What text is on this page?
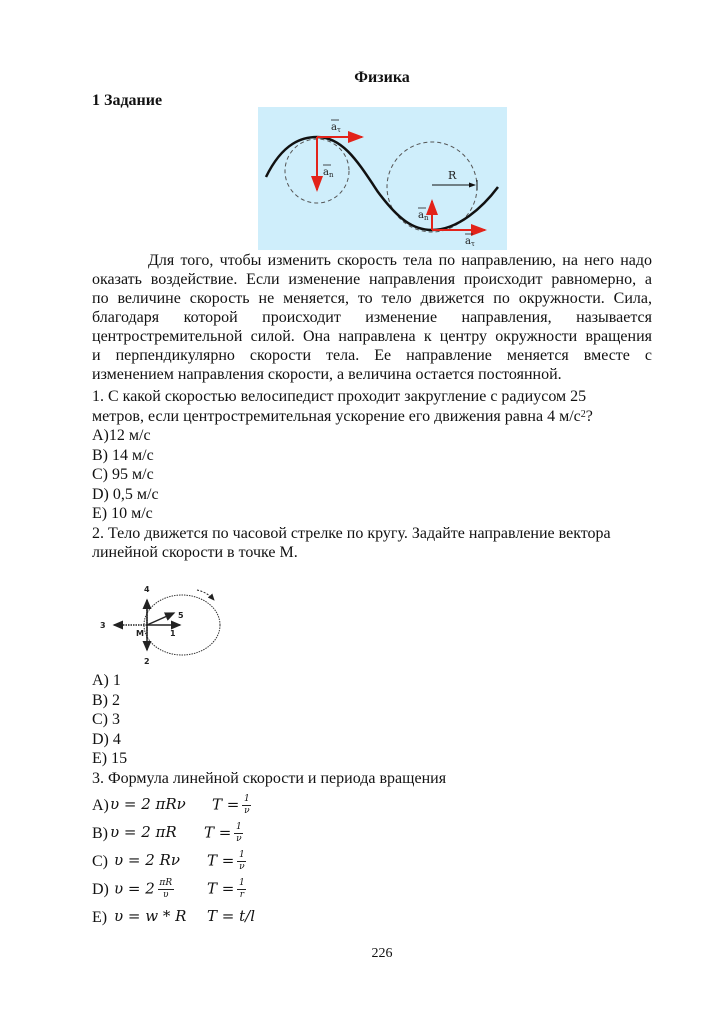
Физика
1 Задание
$a_\tau$
$a_n$	R
$a_n$
$a_\tau$
Для того, чтобы изменить скорость тела по направлению, на него надо
оказать воздействие. Если изменение направления происходит равномерно, а
по величине скорость не меняется, то тело движется по окружности. Сила,
благодаря которой происходит изменение направления, называется
центростремительной силой. Она направлена к центру окружности вращения
и перпендикулярно скорости тела. Ее направление меняется вместе с
изменением направления скорости, а величина остается постоянной.
1. С какой скоростью велосипедист проходит закругление с радиусом 25
метров, если центростремительная ускорение его движения равна 4 $м/с^2$?
A)12 м/с
B) 14 м/с
C) 95 м/с
D) 0,5 м/с
E) 10 м/с
2. Тело движется по часовой стрелке по кругу. Задайте направление вектора
линейной скорости в точке М.
4
5
3
1
M
2
A) 1
B) 2
C) 3
D) 4
E) 15
3. Формула линейной скорости и периода вращения
A) υ = 2 πRν $T = \frac{1}{\nu}$
B) υ = 2 πR $T = \frac{1}{\nu}$
C) υ = 2 Rν $T = \frac{1}{\nu}$
D) $\upsilon = 2 \frac{\pi R}{\upsilon}$ $T = \frac{1}{r}$
E) υ = w * R T = t/l
226
